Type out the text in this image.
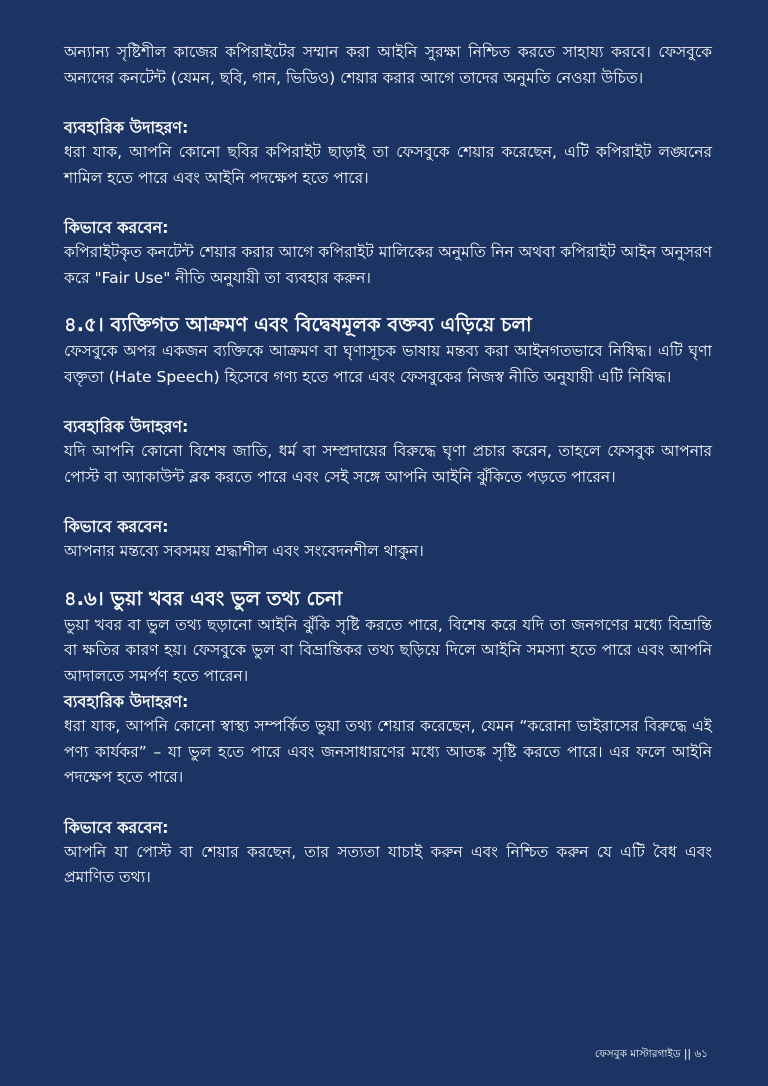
অন্যান্য সৃষ্টিশীল কাজের কপিরাইটের সম্মান করা আইনি সুরক্ষা নিশ্চিত করতে সাহায্য করবে। ফেসবুকে অন্যদের কনটেন্ট (যেমন, ছবি, গান, ভিডিও) শেয়ার করার আগে তাদের অনুমতি নেওয়া উচিত।

ব্যবহারিক উদাহরণ:

ধরা যাক, আপনি কোনো ছবির কপিরাইট ছাড়াই তা ফেসবুকে শেয়ার করেছেন, এটি কপিরাইট লঙ্ঘনের শামিল হতে পারে এবং আইনি পদক্ষেপ হতে পারে।

কিভাবে করবেন:

কপিরাইটকৃত কনটেন্ট শেয়ার করার আগে কপিরাইট মালিকের অনুমতি নিন অথবা কপিরাইট আইন অনুসরণ করে "Fair Use" নীতি অনুযায়ী তা ব্যবহার করুন।

৪.৫। ব্যক্তিগত আক্রমণ এবং বিদ্বেষমূলক বক্তব্য এড়িয়ে চলা

ফেসবুকে অপর একজন ব্যক্তিকে আক্রমণ বা ঘৃণাসূচক ভাষায় মন্তব্য করা আইনগতভাবে নিষিদ্ধ। এটি ঘৃণা বক্তৃতা (Hate Speech) হিসেবে গণ্য হতে পারে এবং ফেসবুকের নিজস্ব নীতি অনুযায়ী এটি নিষিদ্ধ।

ব্যবহারিক উদাহরণ:

যদি আপনি কোনো বিশেষ জাতি, ধর্ম বা সম্প্রদায়ের বিরুদ্ধে ঘৃণা প্রচার করেন, তাহলে ফেসবুক আপনার পোস্ট বা অ্যাকাউন্ট ব্লক করতে পারে এবং সেই সঙ্গে আপনি আইনি ঝুঁকিতে পড়তে পারেন।

কিভাবে করবেন:

আপনার মন্তব্যে সবসময় শ্রদ্ধাশীল এবং সংবেদনশীল থাকুন।

৪.৬। ভুয়া খবর এবং ভুল তথ্য চেনা

ভুয়া খবর বা ভুল তথ্য ছড়ানো আইনি ঝুঁকি সৃষ্টি করতে পারে, বিশেষ করে যদি তা জনগণের মধ্যে বিভ্রান্তি বা ক্ষতির কারণ হয়। ফেসবুকে ভুল বা বিভ্রান্তিকর তথ্য ছড়িয়ে দিলে আইনি সমস্যা হতে পারে এবং আপনি আদালতে সমর্পণ হতে পারেন।

ব্যবহারিক উদাহরণ:

ধরা যাক, আপনি কোনো স্বাস্থ্য সম্পর্কিত ভুয়া তথ্য শেয়ার করেছেন, যেমন “করোনা ভাইরাসের বিরুদ্ধে এই পণ্য কার্যকর” – যা ভুল হতে পারে এবং জনসাধারণের মধ্যে আতঙ্ক সৃষ্টি করতে পারে। এর ফলে আইনি পদক্ষেপ হতে পারে।

কিভাবে করবেন:

আপনি যা পোস্ট বা শেয়ার করছেন, তার সত্যতা যাচাই করুন এবং নিশ্চিত করুন যে এটি বৈধ এবং প্রমাণিত তথ্য।

ফেসবুক মাস্টারগাইড || ৬১
